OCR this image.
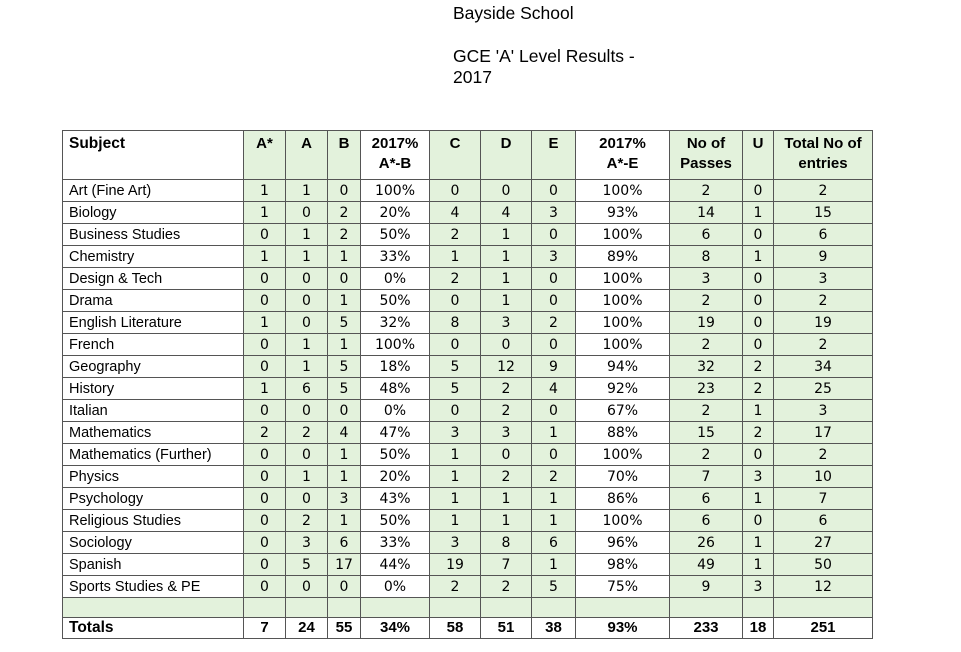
Bayside School
GCE 'A' Level Results -
2017
Subject	A*	A	B	2017% A*-B	C	D	E	2017% A*-E	No of Passes	U	Total No of entries
Art (Fine Art)	1	1	0	100%	0	0	0	100%	2	0	2
Biology	1	0	2	20%	4	4	3	93%	14	1	15
Business Studies	0	1	2	50%	2	1	0	100%	6	0	6
Chemistry	1	1	1	33%	1	1	3	89%	8	1	9
Design & Tech	0	0	0	0%	2	1	0	100%	3	0	3
Drama	0	0	1	50%	0	1	0	100%	2	0	2
English Literature	1	0	5	32%	8	3	2	100%	19	0	19
French	0	1	1	100%	0	0	0	100%	2	0	2
Geography	0	1	5	18%	5	12	9	94%	32	2	34
History	1	6	5	48%	5	2	4	92%	23	2	25
Italian	0	0	0	0%	0	2	0	67%	2	1	3
Mathematics	2	2	4	47%	3	3	1	88%	15	2	17
Mathematics (Further)	0	0	1	50%	1	0	0	100%	2	0	2
Physics	0	1	1	20%	1	2	2	70%	7	3	10
Psychology	0	0	3	43%	1	1	1	86%	6	1	7
Religious Studies	0	2	1	50%	1	1	1	100%	6	0	6
Sociology	0	3	6	33%	3	8	6	96%	26	1	27
Spanish	0	5	17	44%	19	7	1	98%	49	1	50
Sports Studies & PE	0	0	0	0%	2	2	5	75%	9	3	12

Totals	7	24	55	34%	58	51	38	93%	233	18	251
